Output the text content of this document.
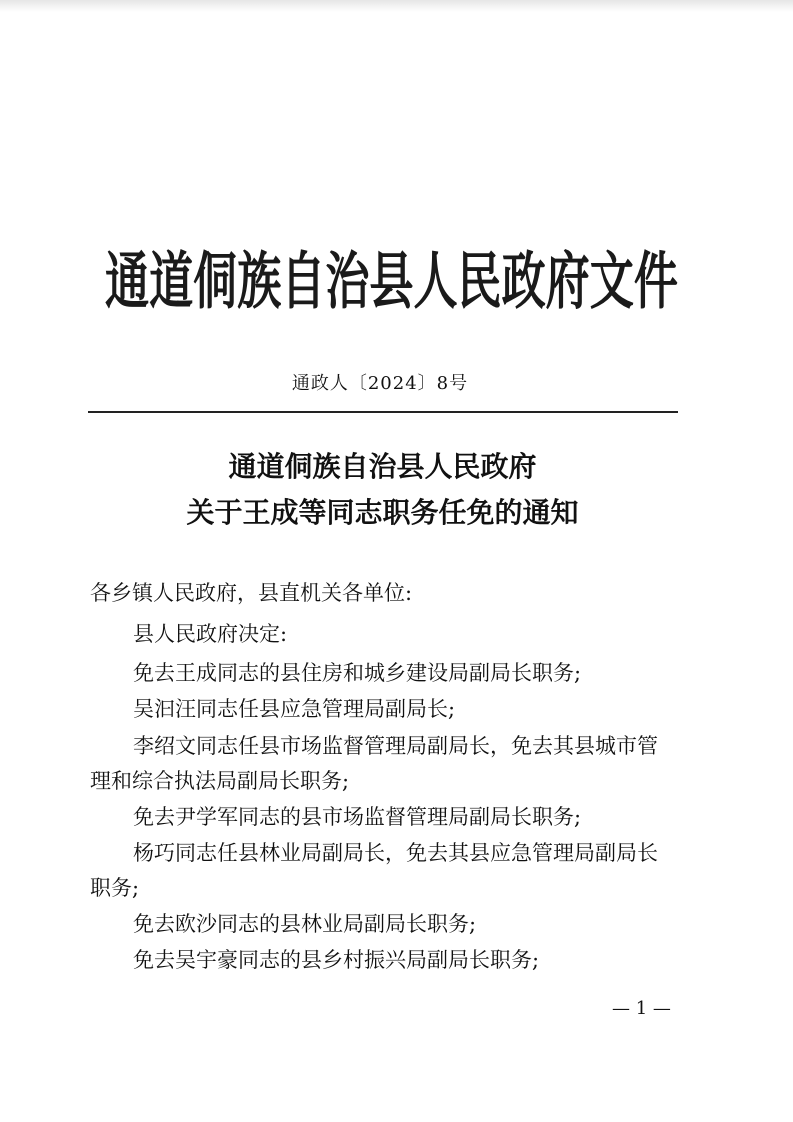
通道侗族自治县人民政府文件
通政人〔2024〕8号
通道侗族自治县人民政府
关于王成等同志职务任免的通知
各乡镇人民政府，县直机关各单位:
县人民政府决定:
免去王成同志的县住房和城乡建设局副局长职务;
吴汩汪同志任县应急管理局副局长;
李绍文同志任县市场监督管理局副局长，免去其县城市管
理和综合执法局副局长职务;
免去尹学军同志的县市场监督管理局副局长职务;
杨巧同志任县林业局副局长，免去其县应急管理局副局长
职务;
免去欧沙同志的县林业局副局长职务;
免去吴宇豪同志的县乡村振兴局副局长职务;
— 1 —
